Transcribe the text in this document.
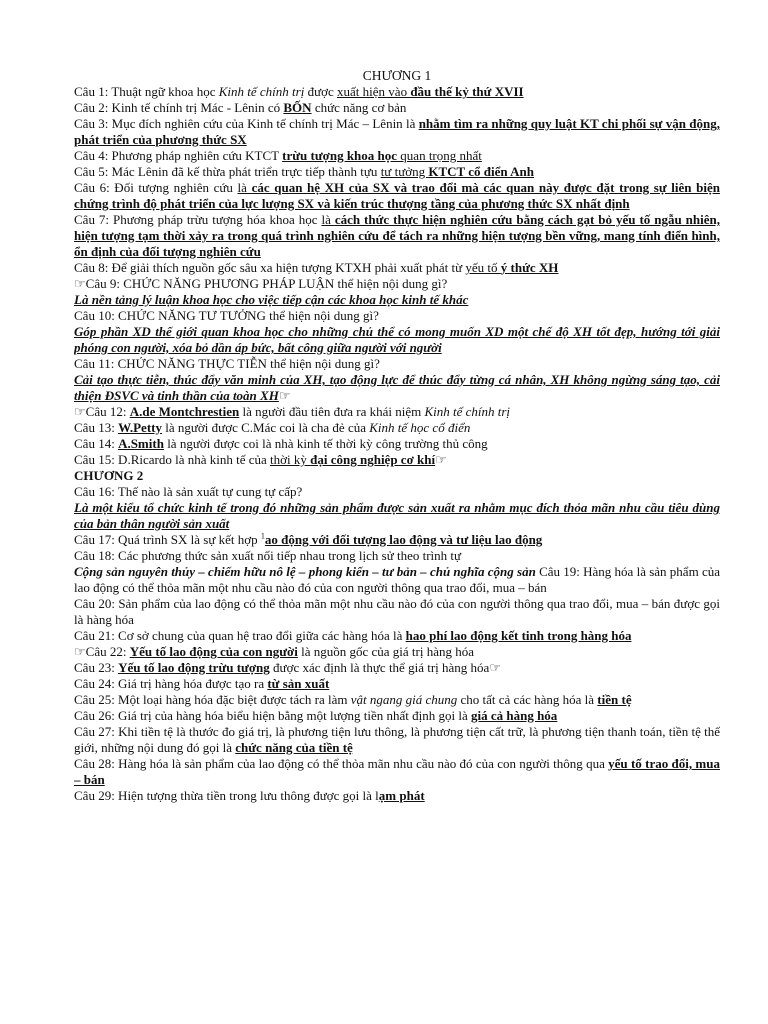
CHƯƠNG 1
Câu 1: Thuật ngữ khoa học Kinh tế chính trị được xuất hiện vào đầu thế kỷ thứ XVII
Câu 2: Kinh tế chính trị Mác - Lênin có BỐN chức năng cơ bản
Câu 3: Mục đích nghiên cứu của Kinh tế chính trị Mác – Lênin là nhằm tìm ra những quy luật KT chi phối sự vận động, phát triển của phương thức SX
Câu 4: Phương pháp nghiên cứu KTCT trừu tượng khoa học quan trọng nhất
Câu 5: Mác Lênin đã kế thừa phát triển trực tiếp thành tựu tư tưởng KTCT cổ điển Anh
Câu 6: Đối tượng nghiên cứu là các quan hệ XH của SX và trao đổi mà các quan này được đặt trong sự liên biện chứng trình độ phát triển của lực lượng SX và kiến trúc thượng tầng của phương thức SX nhất định
Câu 7: Phương pháp trừu tượng hóa khoa học là cách thức thực hiện nghiên cứu bằng cách gạt bỏ yếu tố ngẫu nhiên, hiện tượng tạm thời xảy ra trong quá trình nghiên cứu để tách ra những hiện tượng bền vững, mang tính điển hình, ổn định của đối tượng nghiên cứu
Câu 8: Để giải thích nguồn gốc sâu xa hiện tượng KTXH phải xuất phát từ yếu tố ý thức XH
☞Câu 9: CHỨC NĂNG PHƯƠNG PHÁP LUẬN thể hiện nội dung gì?
Là nền tảng lý luận khoa học cho việc tiếp cận các khoa học kinh tế khác
Câu 10: CHỨC NĂNG TƯ TƯỞNG thể hiện nội dung gì?
Góp phần XD thế giới quan khoa học cho những chủ thể có mong muốn XD một chế độ XH tốt đẹp, hướng tới giải phóng con người, xóa bỏ dần áp bức, bất công giữa người với người
Câu 11: CHỨC NĂNG THỰC TIỄN thể hiện nội dung gì?
Cải tạo thực tiễn, thúc đẩy văn minh của XH, tạo động lực để thúc đẩy từng cá nhân, XH không ngừng sáng tạo, cải thiện ĐSVC và tinh thần của toàn XH☞
☞Câu 12: A.de Montchrestien là người đầu tiên đưa ra khái niệm Kinh tế chính trị
Câu 13: W.Petty là người được C.Mác coi là cha đẻ của Kinh tế học cổ điển
Câu 14: A.Smith là người được coi là nhà kinh tế thời kỳ công trường thủ công
Câu 15: D.Ricardo là nhà kinh tế của thời kỳ đại công nghiệp cơ khí☞
CHƯƠNG 2
Câu 16: Thế nào là sản xuất tự cung tự cấp?
Là một kiểu tổ chức kinh tế trong đó những sản phẩm được sản xuất ra nhằm mục đích thỏa mãn nhu cầu tiêu dùng của bản thân người sản xuất
Câu 17: Quá trình SX là sự kết hợp $^1$ao động với đối tượng lao động và tư liệu lao động
Câu 18: Các phương thức sản xuất nối tiếp nhau trong lịch sử theo trình tự
Cộng sản nguyên thủy – chiếm hữu nô lệ – phong kiến – tư bản – chủ nghĩa cộng sản Câu 19: Hàng hóa là sản phẩm của lao động có thể thỏa mãn một nhu cầu nào đó của con người thông qua trao đổi, mua – bán
Câu 20: Sản phẩm của lao động có thể thỏa mãn một nhu cầu nào đó của con người thông qua trao đổi, mua – bán được gọi là hàng hóa
Câu 21: Cơ sở chung của quan hệ trao đổi giữa các hàng hóa là hao phí lao động kết tinh trong hàng hóa
☞Câu 22: Yếu tố lao động của con người là nguồn gốc của giá trị hàng hóa
Câu 23: Yếu tố lao động trừu tượng được xác định là thực thể giá trị hàng hóa☞
Câu 24: Giá trị hàng hóa được tạo ra từ sản xuất
Câu 25: Một loại hàng hóa đặc biệt được tách ra làm vật ngang giá chung cho tất cả các hàng hóa là tiền tệ
Câu 26: Giá trị của hàng hóa biểu hiện bằng một lượng tiền nhất định gọi là giá cả hàng hóa
Câu 27: Khi tiền tệ là thước đo giá trị, là phương tiện lưu thông, là phương tiện cất trữ, là phương tiện thanh toán, tiền tệ thế giới, những nội dung đó gọi là chức năng của tiền tệ
Câu 28: Hàng hóa là sản phẩm của lao động có thể thỏa mãn nhu cầu nào đó của con người thông qua yếu tố trao đổi, mua – bán
Câu 29: Hiện tượng thừa tiền trong lưu thông được gọi là lạm phát
